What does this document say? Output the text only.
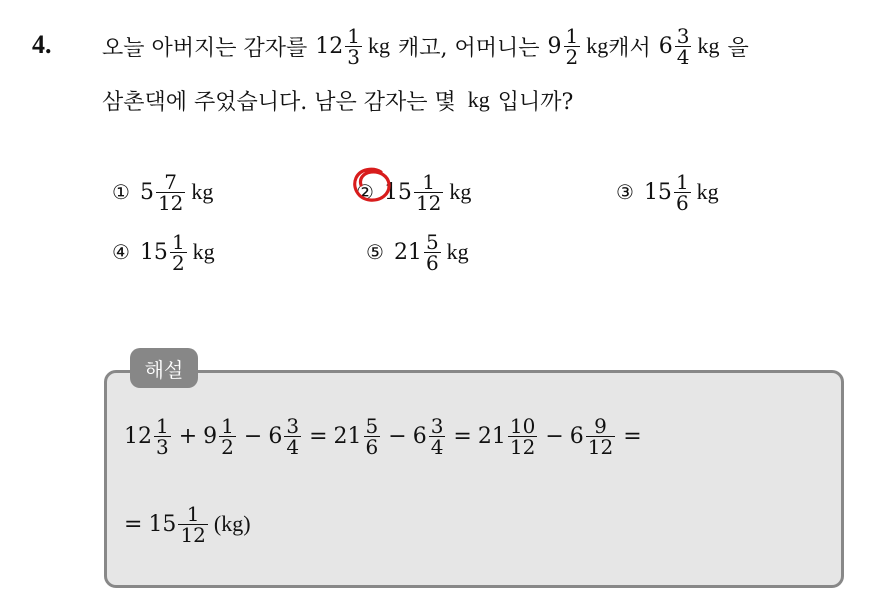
4. 오늘 아버지는 감자를 $12 \frac{1}{3}$ kg 캐고, 어머니는 $9 \frac{1}{2}$ kg 캐서 $6 \frac{3}{4}$ kg 을
삼촌댁에 주었습니다. 남은 감자는 몇 kg 입니까?
① $5 \frac{7}{12}$ kg	② $15 \frac{1}{12}$ kg	③ $15 \frac{1}{6}$ kg
④ $15 \frac{1}{2}$ kg	⑤ $21 \frac{5}{6}$ kg
해설
$12 \frac{1}{3} + 9 \frac{1}{2} - 6 \frac{3}{4} = 21 \frac{5}{6} - 6 \frac{3}{4} = 21 \frac{10}{12} - 6 \frac{9}{12}$ =
= $15 \frac{1}{12} (kg)$
